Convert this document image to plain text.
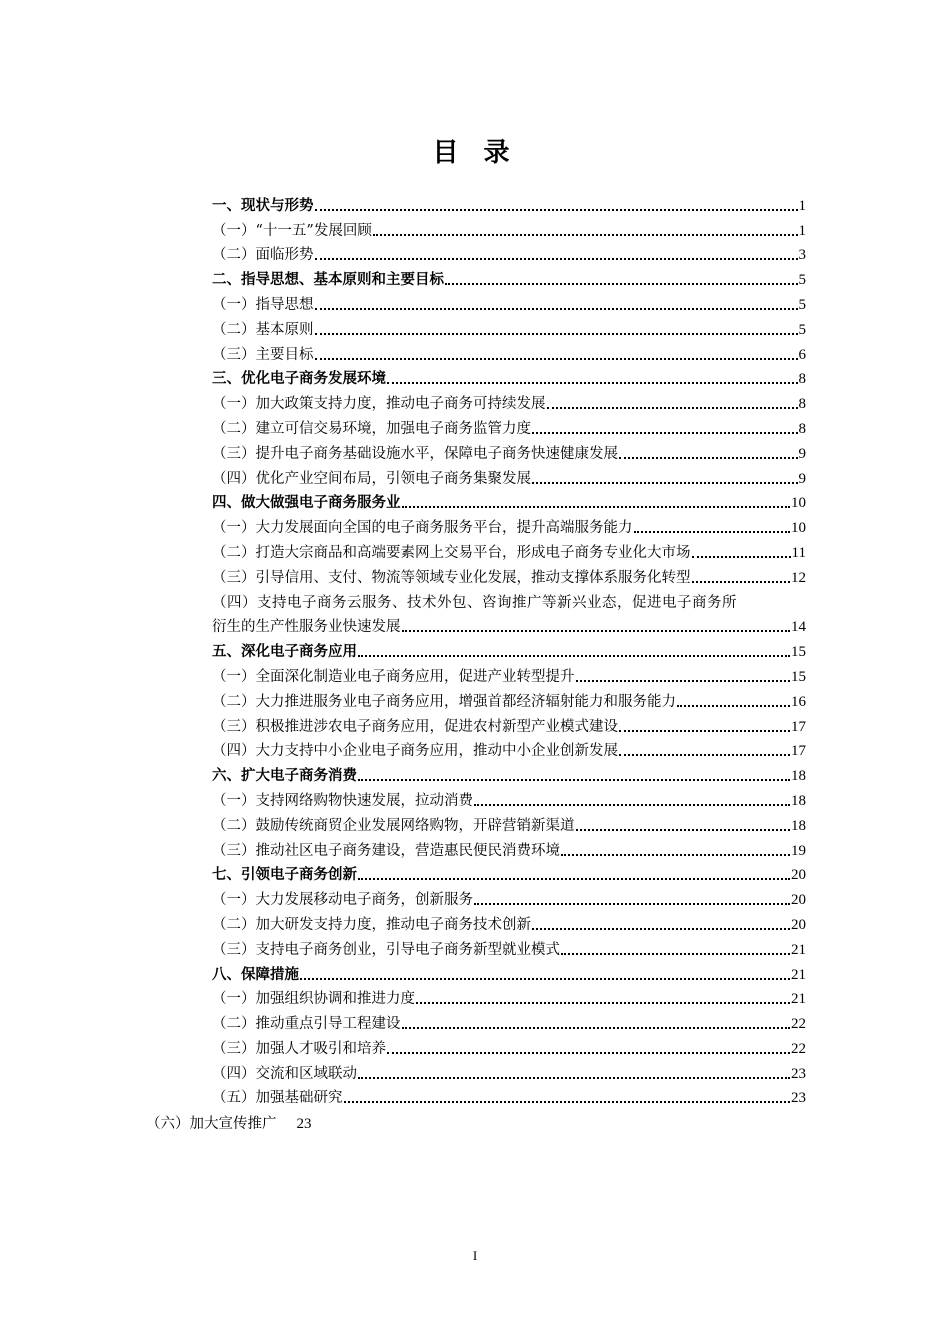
目 录
一、现状与形势	1
（一）“十一五”发展回顾	1
（二）面临形势	3
二、指导思想、基本原则和主要目标	5
（一）指导思想	5
（二）基本原则	5
（三）主要目标	6
三、优化电子商务发展环境	8
（一）加大政策支持力度，推动电子商务可持续发展	8
（二）建立可信交易环境，加强电子商务监管力度	8
（三）提升电子商务基础设施水平，保障电子商务快速健康发展	9
（四）优化产业空间布局，引领电子商务集聚发展	9
四、做大做强电子商务服务业	10
（一）大力发展面向全国的电子商务服务平台，提升高端服务能力	10
（二）打造大宗商品和高端要素网上交易平台，形成电子商务专业化大市场	11
（三）引导信用、支付、物流等领域专业化发展，推动支撑体系服务化转型	12
（四）支持电子商务云服务、技术外包、咨询推广等新兴业态，促进电子商务所
衍生的生产性服务业快速发展	14
五、深化电子商务应用	15
（一）全面深化制造业电子商务应用，促进产业转型提升	15
（二）大力推进服务业电子商务应用，增强首都经济辐射能力和服务能力	16
（三）积极推进涉农电子商务应用，促进农村新型产业模式建设	17
（四）大力支持中小企业电子商务应用，推动中小企业创新发展	17
六、扩大电子商务消费	18
（一）支持网络购物快速发展，拉动消费	18
（二）鼓励传统商贸企业发展网络购物，开辟营销新渠道	18
（三）推动社区电子商务建设，营造惠民便民消费环境	19
七、引领电子商务创新	20
（一）大力发展移动电子商务，创新服务	20
（二）加大研发支持力度，推动电子商务技术创新	20
（三）支持电子商务创业，引导电子商务新型就业模式	21
八、保障措施	21
（一）加强组织协调和推进力度	21
（二）推动重点引导工程建设	22
（三）加强人才吸引和培养	22
（四）交流和区域联动	23
（五）加强基础研究	23
（六）加大宣传推广 23
I
